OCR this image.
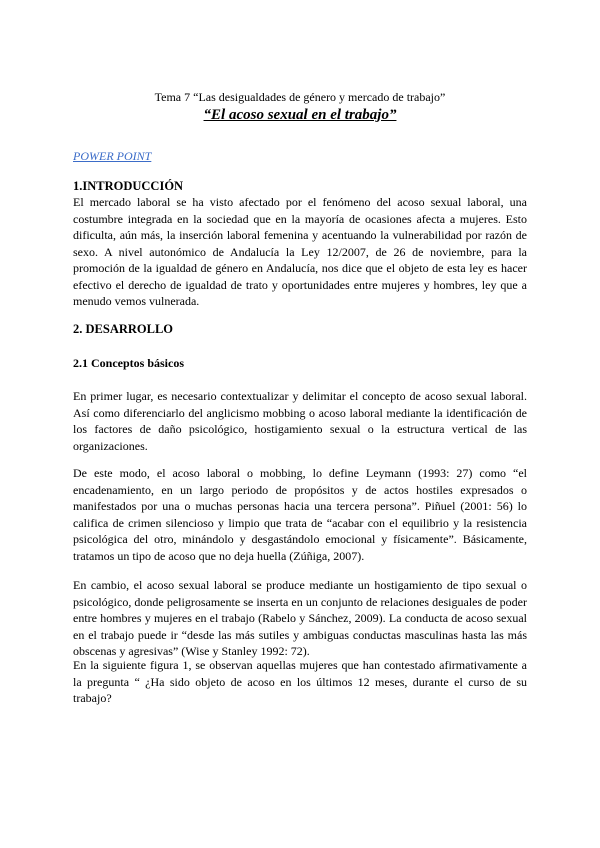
Tema 7 “Las desigualdades de género y mercado de trabajo”
“El acoso sexual en el trabajo”
POWER POINT
1.INTRODUCCIÓN
El mercado laboral se ha visto afectado por el fenómeno del acoso sexual laboral, una costumbre integrada en la sociedad que en la mayoría de ocasiones afecta a mujeres. Esto dificulta, aún más, la inserción laboral femenina y acentuando la vulnerabilidad por razón de sexo. A nivel autonómico de Andalucía la Ley 12/2007, de 26 de noviembre, para la promoción de la igualdad de género en Andalucía, nos dice que el objeto de esta ley es hacer efectivo el derecho de igualdad de trato y oportunidades entre mujeres y hombres, ley que a menudo vemos vulnerada.
2. DESARROLLO
2.1 Conceptos básicos
En primer lugar, es necesario contextualizar y delimitar el concepto de acoso sexual laboral. Así como diferenciarlo del anglicismo mobbing o acoso laboral mediante la identificación de los factores de daño psicológico, hostigamiento sexual o la estructura vertical de las organizaciones.
De este modo, el acoso laboral o mobbing, lo define Leymann (1993: 27) como “el encadenamiento, en un largo periodo de propósitos y de actos hostiles expresados o manifestados por una o muchas personas hacia una tercera persona”. Piñuel (2001: 56) lo califica de crimen silencioso y limpio que trata de “acabar con el equilibrio y la resistencia psicológica del otro, minándolo y desgastándolo emocional y físicamente”. Básicamente, tratamos un tipo de acoso que no deja huella (Zúñiga, 2007).
En cambio, el acoso sexual laboral se produce mediante un hostigamiento de tipo sexual o psicológico, donde peligrosamente se inserta en un conjunto de relaciones desiguales de poder entre hombres y mujeres en el trabajo (Rabelo y Sánchez, 2009). La conducta de acoso sexual en el trabajo puede ir “desde las más sutiles y ambiguas conductas masculinas hasta las más obscenas y agresivas” (Wise y Stanley 1992: 72).
En la siguiente figura 1, se observan aquellas mujeres que han contestado afirmativamente a la pregunta “ ¿Ha sido objeto de acoso en los últimos 12 meses, durante el curso de su trabajo?
